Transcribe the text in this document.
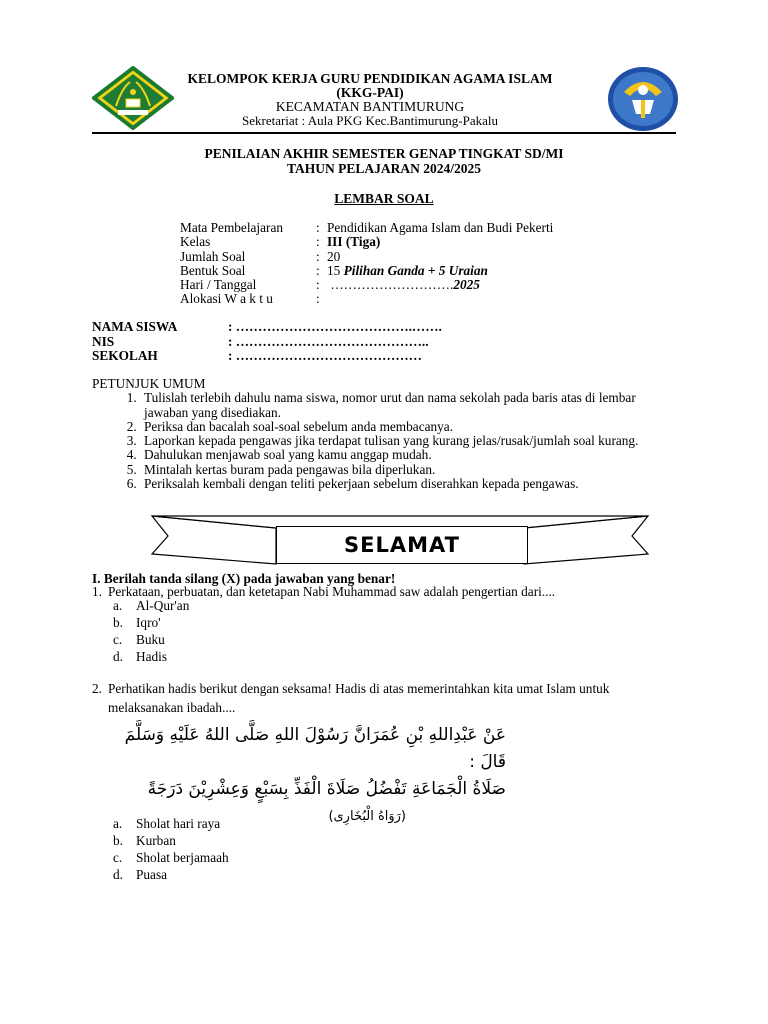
KELOMPOK KERJA GURU PENDIDIKAN AGAMA ISLAM
(KKG-PAI)
KECAMATAN BANTIMURUNG
Sekretariat : Aula PKG Kec.Bantimurung-Pakalu
PENILAIAN AKHIR SEMESTER GENAP TINGKAT SD/MI
TAHUN PELAJARAN 2024/2025
LEMBAR SOAL
Mata Pembelajaran	: Pendidikan Agama Islam dan Budi Pekerti
Kelas	: III (Tiga)
Jumlah Soal	: 20
Bentuk Soal	: 15 Pilihan Ganda + 5 Uraian
Hari / Tanggal	: ………………………. 2025
Alokasi W a k t u	:
NAMA SISWA	: ………………………………….…….
NIS	: ……………………………………..
SEKOLAH	: ……………………………………
PETUNJUK UMUM
1. Tulislah terlebih dahulu nama siswa, nomor urut dan nama sekolah pada baris atas di lembar jawaban yang disediakan.
2. Periksa dan bacalah soal-soal sebelum anda membacanya.
3. Laporkan kepada pengawas jika terdapat tulisan yang kurang jelas/rusak/jumlah soal kurang.
4. Dahulukan menjawab soal yang kamu anggap mudah.
5. Mintalah kertas buram pada pengawas bila diperlukan.
6. Periksalah kembali dengan teliti pekerjaan sebelum diserahkan kepada pengawas.
SELAMAT
I. Berilah tanda silang (X) pada jawaban yang benar!
1. Perkataan, perbuatan, dan ketetapan Nabi Muhammad saw adalah pengertian dari....
a.	Al-Qur'an
b. Iqro'
c.	Buku
d. Hadis
2. Perhatikan hadis berikut dengan seksama! Hadis di atas memerintahkan kita umat Islam untuk melaksanakan ibadah....
عَنْ عَبْدِاللهِ بْنِ عُمَرَانَّ رَسُوْلَ اللهِ صَلَّى اللهُ عَلَيْهِ وَسَلَّمَ قَالَ :
صَلَاةُ الْجَمَاعَةِ تَفْضُلُ صَلَاةَ الْفَذِّ بِسَبْعٍ وَعِشْرِيْنَ دَرَجَةً
(رَوَاهُ الْبُخَارِى)
a.	Sholat hari raya
b. Kurban
c.	Sholat berjamaah
d. Puasa
